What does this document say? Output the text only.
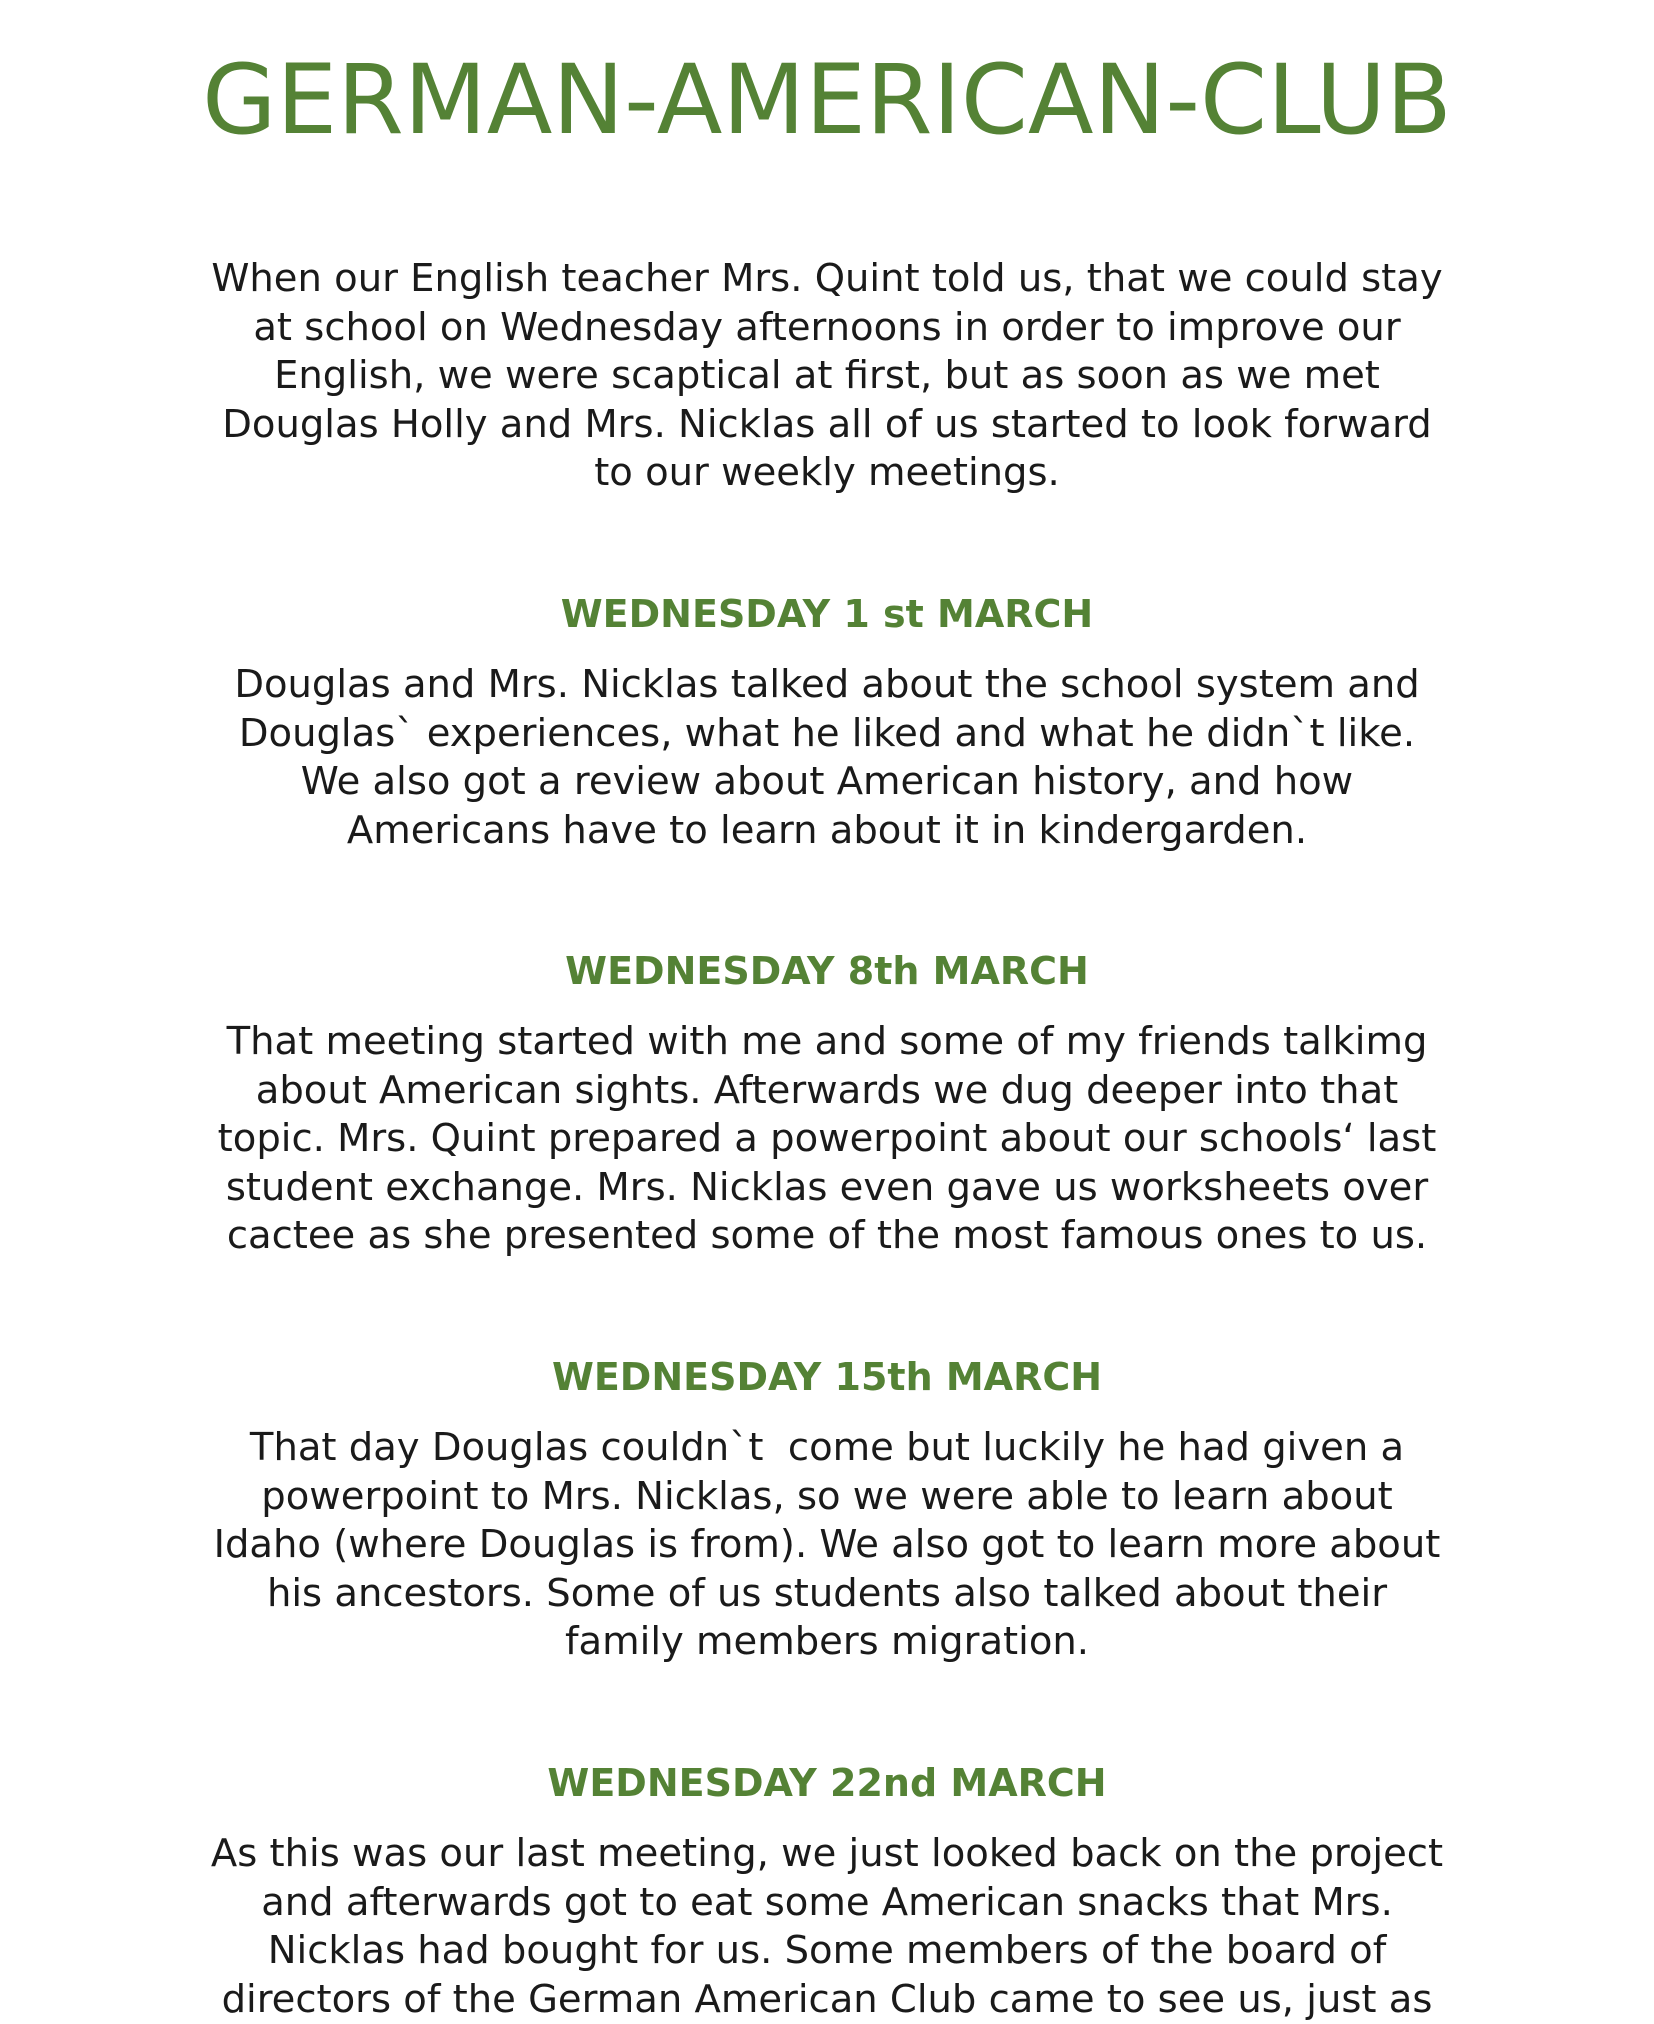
GERMAN-AMERICAN-CLUB
When our English teacher Mrs. Quint told us, that we could stay
at school on Wednesday afternoons in order to improve our
English, we were scaptical at first, but as soon as we met
Douglas Holly and Mrs. Nicklas all of us started to look forward
to our weekly meetings.
WEDNESDAY 1 st MARCH
Douglas and Mrs. Nicklas talked about the school system and
Douglas` experiences, what he liked and what he didn`t like.
We also got a review about American history, and how
Americans have to learn about it in kindergarden.
WEDNESDAY 8th MARCH
That meeting started with me and some of my friends talkimg
about American sights. Afterwards we dug deeper into that
topic. Mrs. Quint prepared a powerpoint about our schools‘ last
student exchange. Mrs. Nicklas even gave us worksheets over
cactee as she presented some of the most famous ones to us.
WEDNESDAY 15th MARCH
That day Douglas couldn`t  come but luckily he had given a
powerpoint to Mrs. Nicklas, so we were able to learn about
Idaho (where Douglas is from). We also got to learn more about
his ancestors. Some of us students also talked about their
family members migration.
WEDNESDAY 22nd MARCH
As this was our last meeting, we just looked back on the project
and afterwards got to eat some American snacks that Mrs.
Nicklas had bought for us. Some members of the board of
directors of the German American Club came to see us, just as
